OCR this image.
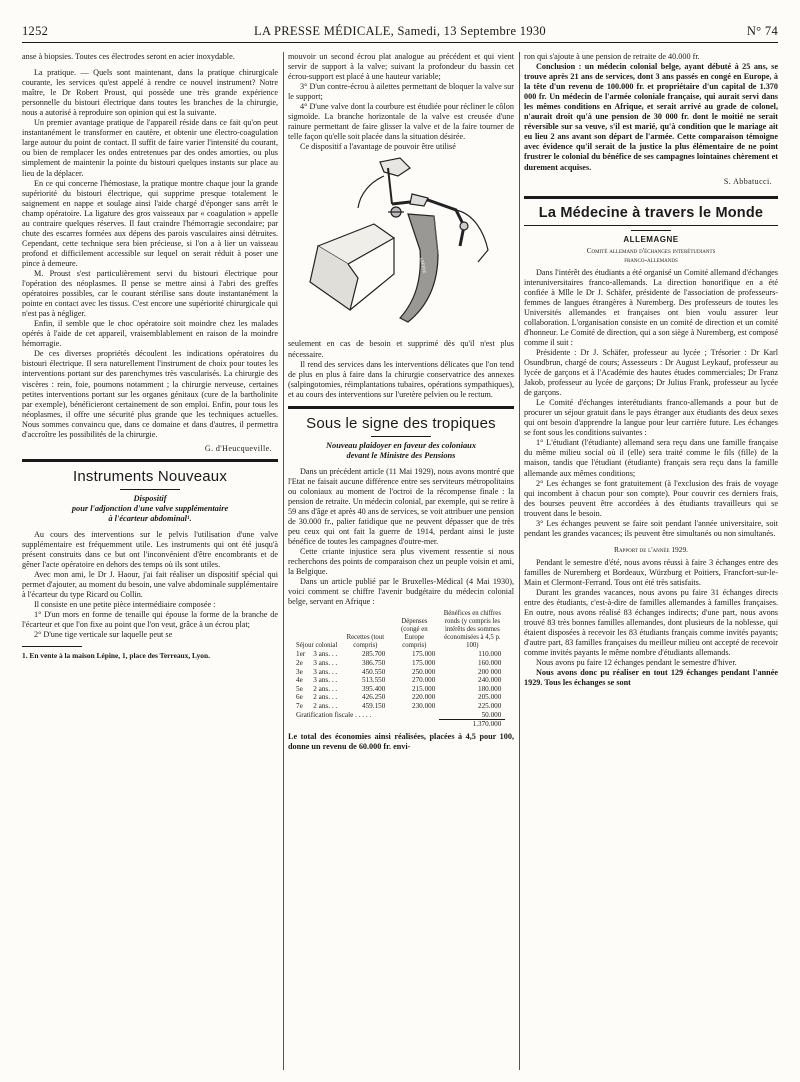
1252	LA PRESSE MÉDICALE, Samedi, 13 Septembre 1930	N° 74

anse à biopsies. Toutes ces électrodes seront en acier inoxydable.

La pratique. — Quels sont maintenant, dans la pratique chirurgicale courante, les services qu'est appelé à rendre ce nouvel instrument? Notre maître, le Dr Robert Proust, qui possède une très grande expérience personnelle du bistouri électrique dans toutes les branches de la chirurgie, nous a autorisé à reproduire son opinion qui est la suivante.

Un premier avantage pratique de l'appareil réside dans ce fait qu'on peut instantanément le transformer en cautère, et obtenir une électro-coagulation large autour du point de contact. Il suffit de faire varier l'intensité du courant, ou bien de remplacer les ondes entretenues par des ondes amorties, ou plus simplement de maintenir la pointe du bistouri quelques instants sur place au lieu de la déplacer.

En ce qui concerne l'hémostase, la pratique montre chaque jour la grande supériorité du bistouri électrique, qui supprime presque totalement le saignement en nappe et soulage ainsi l'aide chargé d'éponger sans arrêt le champ opératoire. La ligature des gros vaisseaux par « coagulation » appelle au contraire quelques réserves. Il faut craindre l'hémorragie secondaire; par chute des escarres formées aux dépens des parois vasculaires ainsi détruites. Cependant, cette technique sera bien précieuse, si l'on a à lier un vaisseau profond et difficilement accessible sur lequel on serait réduit à poser une pince à demeure.

M. Proust s'est particulièrement servi du bistouri électrique pour l'opération des néoplasmes. Il pense se mettre ainsi à l'abri des greffes opératoires possibles, car le courant stérilise sans doute instantanément la pointe en contact avec les tissus. C'est encore une supériorité chirurgicale qui n'est pas à négliger.

Enfin, il semble que le choc opératoire soit moindre chez les malades opérés à l'aide de cet appareil, vraisemblablement en raison de la moindre hémorragie.

De ces diverses propriétés découlent les indications opératoires du bistouri électrique. Il sera naturellement l'instrument de choix pour toutes les interventions portant sur des parenchymes très vascularisés. La chirurgie des viscères : rein, foie, poumons notamment ; la chirurgie nerveuse, certaines petites interventions portant sur les organes génitaux (cure de la bartholinite par exemple), bénéficieront certainement de son emploi. Enfin, pour tous les néoplasmes, il offre une sécurité plus grande que les techniques actuelles. Nous sommes convaincu que, dans ce domaine et dans d'autres, il permettra d'accroître les possibilités de la chirurgie.

G. d'Heucqueville.
Instruments Nouveaux
Dispositif
pour l'adjonction d'une valve supplémentaire
à l'écarteur abdominal¹.

Au cours des interventions sur le pelvis l'utilisation d'une valve supplémentaire est fréquemment utile. Les instruments qui ont été jusqu'à présent construits dans ce but ont l'inconvénient d'être encombrants et de gêner l'acte opératoire en dehors des temps où ils sont utiles.

Avec mon ami, le Dr J. Haour, j'ai fait réaliser un dispositif spécial qui permet d'ajouter, au moment du besoin, une valve abdominale supplémentaire à l'écarteur du type Ricard ou Collin.

Il consiste en une petite pièce intermédiaire composée :

1° D'un mors en forme de tenaille qui épouse la forme de la branche de l'écarteur et que l'on fixe au point que l'on veut, grâce à un écrou plat;

2° D'une tige verticale sur laquelle peut se

1. En vente à la maison Lépine, 1, place des Terreaux, Lyon.

mouvoir un second écrou plat analogue au précédent et qui vient servir de support à la valve; suivant la profondeur du bassin cet écrou-support est placé à une hauteur variable;

3° D'un contre-écrou à ailettes permettant de bloquer la valve sur le support;

4° D'une valve dont la courbure est étudiée pour récliner le côlon sigmoïde. La branche horizontale de la valve est creusée d'une rainure permettant de faire glisser la valve et de la faire tourner de telle façon qu'elle soit placée dans la situation désirée.

Ce dispositif a l'avantage de pouvoir être utilisé

LEPINE

seulement en cas de besoin et supprimé dès qu'il n'est plus nécessaire.

Il rend des services dans les interventions délicates que l'on tend de plus en plus à faire dans la chirurgie conservatrice des annexes (salpingotomies, réimplantations tubaires, opérations sympathiques), et au cours des interventions sur l'uretère pelvien ou le rectum.

Sous le signe des tropiques
Nouveau plaidoyer en faveur des coloniaux
devant le Ministre des Pensions

Dans un précédent article (11 Mai 1929), nous avons montré que l'Etat ne faisait aucune différence entre ses serviteurs métropolitains ou coloniaux au moment de l'octroi de la récompense finale : la pension de retraite. Un médecin colonial, par exemple, qui se retire à 59 ans d'âge et après 40 ans de services, se voit attribuer une pension de 30.000 fr., palier fatidique que ne peuvent dépasser que de très peu ceux qui ont fait la guerre de 1914, perdant ainsi le juste bénéfice de toutes les campagnes d'outre-mer.

Cette criante injustice sera plus vivement ressentie si nous recherchons des points de comparaison chez un peuple voisin et ami, la Belgique.

Dans un article publié par le Bruxelles-Médical (4 Mai 1930), voici comment se chiffre l'avenir budgétaire du médecin colonial belge, servant en Afrique :

Séjour colonial		Recettes (tout compris)	Dépenses (congé en Europe compris)	Bénéfices en chiffres ronds (y compris les intérêts des sommes économisées à 4,5 p. 100)
1er	3 ans. . .	285.700	175.000	110.000
2e	3 ans. . .	386.750	175.000	160.000
3e	3 ans. . .	450.550	250.000	200 000
4e	3 ans. . .	513.550	270.000	240.000
5e	2 ans. . .	395.400	215.000	180.000
6e	2 ans. . .	426.250	220.000	205.000
7e	2 ans. . .	459.150	230.000	225.000
Gratification fiscale . . . . .				50.000
				1.370.000

Le total des économies ainsi réalisées, placées à 4,5 pour 100, donne un revenu de 60.000 fr. envi-

ron qui s'ajoute à une pension de retraite de 40.000 fr.

Conclusion : un médecin colonial belge, ayant débuté à 25 ans, se trouve après 21 ans de services, dont 3 ans passés en congé en Europe, à la tête d'un revenu de 100.000 fr. et propriétaire d'un capital de 1.370 000 fr. Un médecin de l'armée coloniale française, qui aurait servi dans les mêmes conditions en Afrique, et serait arrivé au grade de colonel, n'aurait droit qu'à une pension de 30 000 fr. dont le moitié ne serait réversible sur sa veuve, s'il est marié, qu'à condition que le mariage ait eu lieu 2 ans avant son départ de l'armée. Cette comparaison témoigne avec évidence qu'il serait de la justice la plus élémentaire de ne point frustrer le colonial du bénéfice de ses campagnes lointaines chèrement et durement acquises.

S. Abbatucci.
La Médecine à travers le Monde
ALLEMAGNE
Comité allemand d'échanges interétudiants
franco-allemands

Dans l'intérêt des étudiants a été organisé un Comité allemand d'échanges interuniversitaires franco-allemands. La direction honorifique en a été confiée à Mlle le Dr J. Schäfer, présidente de l'association de professeurs-femmes de langues étrangères à Nuremberg. Des professeurs de toutes les Universités allemandes et françaises ont bien voulu assurer leur collaboration. L'organisation consiste en un comité de direction et un comité d'honneur. Le Comité de direction, qui a son siège à Nuremberg, est composé comme il suit :

Présidente : Dr J. Schäfer, professeur au lycée ; Trésorier : Dr Karl Osundbrun, chargé de cours; Assesseurs : Dr August Leykauf, professeur au lycée de garçons et à l'Académie des hautes études commerciales; Dr Franz Jakob, professeur au lycée de garçons; Dr Julius Frank, professeur au lycée de garçons.

Le Comité d'échanges interétudiants franco-allemands a pour but de procurer un séjour gratuit dans le pays étranger aux étudiants des deux sexes qui ont besoin d'apprendre la langue pour leur carrière future. Les échanges se font sous les conditions suivantes :

1° L'étudiant (l'étudiante) allemand sera reçu dans une famille française du même milieu social où il (elle) sera traité comme le fils (fille) de la maison, tandis que l'étudiant (étudiante) français sera reçu dans la famille allemande aux mêmes conditions;

2° Les échanges se font gratuitement (à l'exclusion des frais de voyage qui incombent à chacun pour son compte). Pour couvrir ces derniers frais, des bourses peuvent être accordées à des étudiants travailleurs qui se trouvent dans le besoin.

3° Les échanges peuvent se faire soit pendant l'année universitaire, soit pendant les grandes vacances; ils peuvent être simultanés ou non simultanés.

Rapport de l'année 1929.

Pendant le semestre d'été, nous avons réussi à faire 3 échanges entre des familles de Nuremberg et Bordeaux, Würzburg et Poitiers, Francfort-sur-le-Main et Clermont-Ferrand. Tous ont été très satisfaits.

Durant les grandes vacances, nous avons pu faire 31 échanges directs entre des étudiants, c'est-à-dire de familles allemandes à familles françaises. En outre, nous avons réalisé 83 échanges indirects; d'une part, nous avons trouvé 83 très bonnes familles allemandes, dont plusieurs de la noblesse, qui étaient disposées à recevoir les 83 étudiants français comme invités payants; d'autre part, 83 familles françaises du meilleur milieu ont accepté de recevoir comme invités payants le même nombre d'étudiants allemands.

Nous avons pu faire 12 échanges pendant le semestre d'hiver.

Nous avons donc pu réaliser en tout 129 échanges pendant l'année 1929. Tous les échanges se sont
